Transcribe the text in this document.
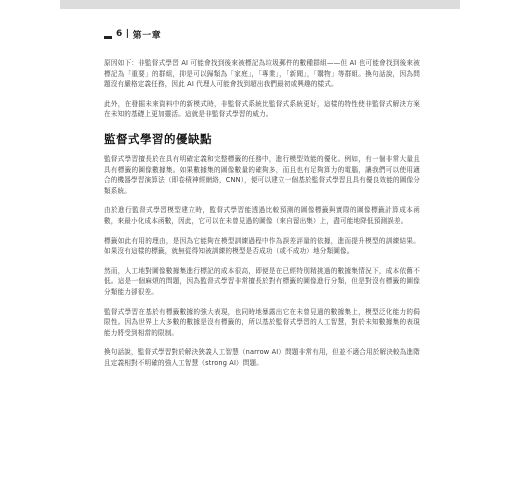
6 | 第一章

原因如下：非監督式學習 AI 可能會找到後來被標記為垃圾郵件的數種群組——但 AI 也可能會找到後來被標記為「重要」的群組，抑是可以歸類為「家庭」，「專業」，「新聞」，「購物」等群組。換句話說，因為問題沒有嚴格定義任務，因此 AI 代理人可能會找到超出我們最初或興趣的樣式。

此外，在發掘未來資料中的新模式時，非監督式系統比監督式系統更好，這樣的特性使非監督式解決方案在未知的基礎上更加靈活。這就是非監督式學習的威力。

監督式學習的優缺點

監督式學習擅長於在具有明確定義和完整標籤的任務中，進行模型效能的優化。例如，有一個非常大量且具有標籤的圖像數據集。如果數據集的圖像數量的確夠多，而且也有足夠算力的電腦，讓我們可以使用適合的機器學習演算法（即卷積神經網絡，CNN），便可以建立一個基於監督式學習且具有優良效能的圖像分類系統。

由於進行監督式學習模型建立時，監督式學習能透過比較預測的圖像標籤與實際的圖像標籤計算成本函數，來最小化成本函數，因此，它可以在未曾見過的圖像（來自留出集）上，盡可能地降低預測誤差。

標籤如此有用的理由，是因為它能夠在模型訓練過程中作為誤差評量的依據，進而提升模型的訓練結果。如果沒有這樣的標籤，就無從得知被訓練的模型是否成功（或不成功）地分類圖像。

然而，人工地對圖像數據集進行標記的成本很高，即便是在已經特別精挑過的數據集情況下，成本依舊不低。這是一個麻煩的問題，因為監督式學習非常擅長於對有標籤的圖像進行分類，但是對沒有標籤的圖像分類能力卻很差。

監督式學習在基於有標籤數據的強大表現，也同時地暴露出它在未曾見過的數據集上，模型泛化能力的侷限性。因為世界上大多數的數據是沒有標籤的，所以基於監督式學習的人工智慧，對於未知數據集的表現能力將受到相當的限制。

換句話說，監督式學習對於解決狹義人工智慧（narrow AI）問題非常有用，但並不適合用於解決較為進階且定義相對不明確的強人工智慧（strong AI）問題。
